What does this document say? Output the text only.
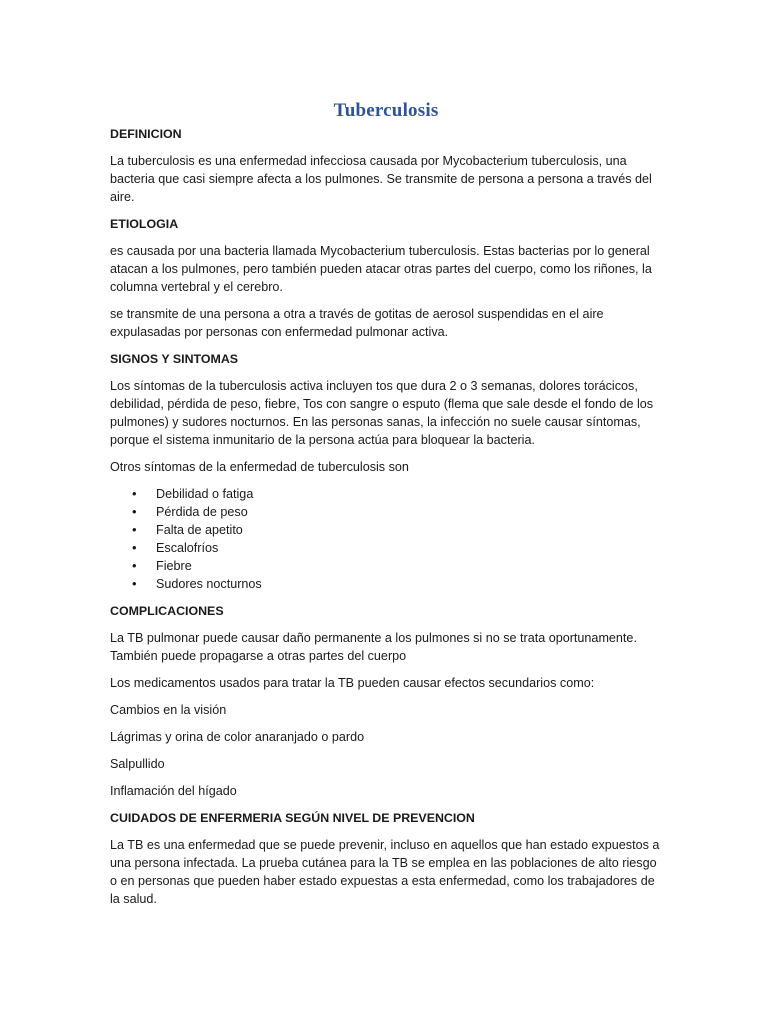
Tuberculosis
DEFINICION

La tuberculosis es una enfermedad infecciosa causada por Mycobacterium tuberculosis, una bacteria que casi siempre afecta a los pulmones. Se transmite de persona a persona a través del aire.

ETIOLOGIA

es causada por una bacteria llamada Mycobacterium tuberculosis. Estas bacterias por lo general atacan a los pulmones, pero también pueden atacar otras partes del cuerpo, como los riñones, la columna vertebral y el cerebro.

se transmite de una persona a otra a través de gotitas de aerosol suspendidas en el aire expulasadas por personas con enfermedad pulmonar activa.

SIGNOS Y SINTOMAS

Los síntomas de la tuberculosis activa incluyen tos que dura 2 o 3 semanas, dolores torácicos, debilidad, pérdida de peso, fiebre, Tos con sangre o esputo (flema que sale desde el fondo de los pulmones) y sudores nocturnos. En las personas sanas, la infección no suele causar síntomas, porque el sistema inmunitario de la persona actúa para bloquear la bacteria.

Otros síntomas de la enfermedad de tuberculosis son

• Debilidad o fatiga
• Pérdida de peso
• Falta de apetito
• Escalofríos
• Fiebre
• Sudores nocturnos
COMPLICACIONES

La TB pulmonar puede causar daño permanente a los pulmones si no se trata oportunamente. También puede propagarse a otras partes del cuerpo

Los medicamentos usados para tratar la TB pueden causar efectos secundarios como:

Cambios en la visión

Lágrimas y orina de color anaranjado o pardo

Salpullido

Inflamación del hígado

CUIDADOS DE ENFERMERIA SEGÚN NIVEL DE PREVENCION

La TB es una enfermedad que se puede prevenir, incluso en aquellos que han estado expuestos a una persona infectada. La prueba cutánea para la TB se emplea en las poblaciones de alto riesgo o en personas que pueden haber estado expuestas a esta enfermedad, como los trabajadores de la salud.
